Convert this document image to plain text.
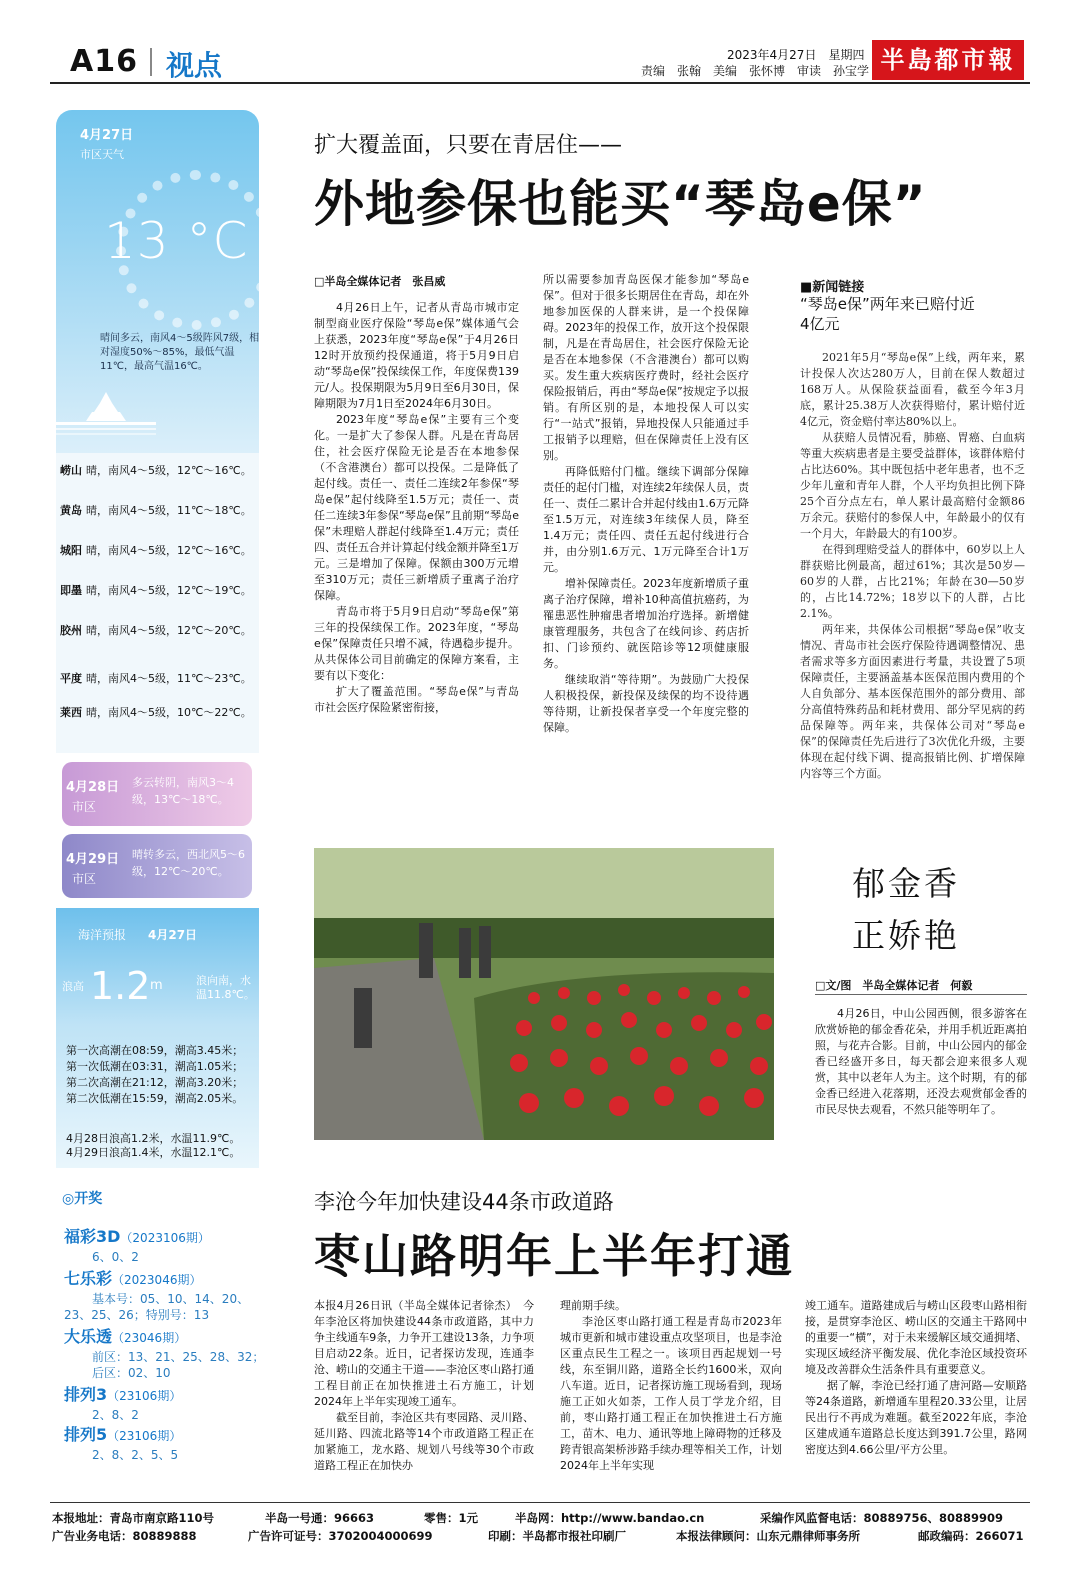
A16 视点	2023年4月27日　星期四
责编　张翰　美编　张怀博　审读　孙宝学 半島都市報
4月27日
市区天气
13 °C
晴间多云，南风4～5级阵风7级，相对湿度50%～85%，最低气温11℃，最高气温16℃。
崂山 晴，南风4～5级，12℃～16℃。
黄岛 晴，南风4～5级，11℃～18℃。
城阳 晴，南风4～5级，12℃～16℃。
即墨 晴，南风4～5级，12℃～19℃。
胶州 晴，南风4～5级，12℃～20℃。
平度 晴，南风4～5级，11℃～23℃。
莱西 晴，南风4～5级，10℃～22℃。
4月28日
市区
多云转阴，南风3～4级，13℃～18℃。
4月29日
市区
晴转多云，西北风5～6级，12℃～20℃。
海洋预报 4月27日
浪高 1.2 m	浪向南，水温11.8℃。
第一次高潮在08:59，潮高3.45米；
第一次低潮在03:31，潮高1.05米；
第二次高潮在21:12，潮高3.20米；
第二次低潮在15:59，潮高2.05米。
4月28日浪高1.2米，水温11.9℃。
4月29日浪高1.4米，水温12.1℃。
◎开奖
福彩3D（2023106期）
6、0、2
七乐彩（2023046期）
基本号：05、10、14、20、
23、25、26；特别号：13
大乐透（23046期）
前区：13、21、25、28、32；
后区：02、10
排列3（23106期）
2、8、2
排列5（23106期）
2、8、2、5、5
扩大覆盖面，只要在青居住——
外地参保也能买“琴岛e保”
□半岛全媒体记者　张昌威

4月26日上午，记者从青岛市城市定制型商业医疗保险“琴岛e保”媒体通气会上获悉，2023年度“琴岛e保”于4月26日12时开放预约投保通道，将于5月9日启动“琴岛e保”投保续保工作，年度保费139元/人。投保期限为5月9日至6月30日，保障期限为7月1日至2024年6月30日。

2023年度“琴岛e保”主要有三个变化。一是扩大了参保人群。凡是在青岛居住，社会医疗保险无论是否在本地参保（不含港澳台）都可以投保。二是降低了起付线。责任一、责任二连续2年参保“琴岛e保”起付线降至1.5万元；责任一、责任二连续3年参保“琴岛e保”且前期“琴岛e保”未理赔人群起付线降至1.4万元；责任四、责任五合并计算起付线金额并降至1万元。三是增加了保障。保额由300万元增至310万元；责任三新增质子重离子治疗保障。

青岛市将于5月9日启动“琴岛e保”第三年的投保续保工作。2023年度，“琴岛e保”保障责任只增不减，待遇稳步提升。从共保体公司目前确定的保障方案看，主要有以下变化：

扩大了覆盖范围。“琴岛e保”与青岛市社会医疗保险紧密衔接，

所以需要参加青岛医保才能参加“琴岛e保”。但对于很多长期居住在青岛，却在外地参加医保的人群来讲，是一个投保障碍。2023年的投保工作，放开这个投保限制，凡是在青岛居住，社会医疗保险无论是否在本地参保（不含港澳台）都可以购买。发生重大疾病医疗费时，经社会医疗保险报销后，再由“琴岛e保”按规定予以报销。有所区别的是，本地投保人可以实行“一站式”报销，异地投保人只能通过手工报销予以理赔，但在保障责任上没有区别。

再降低赔付门槛。继续下调部分保障责任的起付门槛，对连续2年续保人员，责任一、责任二累计合并起付线由1.6万元降至1.5万元，对连续3年续保人员，降至1.4万元；责任四、责任五起付线进行合并，由分别1.6万元、1万元降至合计1万元。

增补保障责任。2023年度新增质子重离子治疗保障，增补10种高值抗癌药，为罹患恶性肿瘤患者增加治疗选择。新增健康管理服务，共包含了在线问诊、药店折扣、门诊预约、就医陪诊等12项健康服务。

继续取消“等待期”。为鼓励广大投保人积极投保，新投保及续保的均不设待遇等待期，让新投保者享受一个年度完整的保障。

■新闻链接
“琴岛e保”两年来已赔付近4亿元

2021年5月“琴岛e保”上线，两年来，累计投保人次达280万人，目前在保人数超过168万人。从保险获益面看，截至今年3月底，累计25.38万人次获得赔付，累计赔付近4亿元，资金赔付率达80%以上。

从获赔人员情况看，肺癌、胃癌、白血病等重大疾病患者是主要受益群体，该群体赔付占比达60%。其中既包括中老年患者，也不乏少年儿童和青年人群，个人平均负担比例下降25个百分点左右，单人累计最高赔付金额86万余元。获赔付的参保人中，年龄最小的仅有一个月大，年龄最大的有100岁。

在得到理赔受益人的群体中，60岁以上人群获赔比例最高，超过61%；其次是50岁—60岁的人群，占比21%；年龄在30—50岁的，占比14.72%；18岁以下的人群，占比2.1%。

两年来，共保体公司根据“琴岛e保”收支情况、青岛市社会医疗保险待遇调整情况、患者需求等多方面因素进行考量，共设置了5项保障责任，主要涵盖基本医保范围内费用的个人自负部分、基本医保范围外的部分费用、部分高值特殊药品和耗材费用、部分罕见病的药品保障等。两年来，共保体公司对“琴岛e保”的保障责任先后进行了3次优化升级，主要体现在起付线下调、提高报销比例、扩增保障内容等三个方面。

郁金香
正娇艳
□文/图　半岛全媒体记者　何毅

4月26日，中山公园西侧，很多游客在欣赏娇艳的郁金香花朵，并用手机近距离拍照，与花卉合影。目前，中山公园内的郁金香已经盛开多日，每天都会迎来很多人观赏，其中以老年人为主。这个时期，有的郁金香已经进入花落期，还没去观赏郁金香的市民尽快去观看，不然只能等明年了。

李沧今年加快建设44条市政道路
枣山路明年上半年打通

本报4月26日讯（半岛全媒体记者徐杰）　今年李沧区将加快建设44条市政道路，其中力争主线通车9条，力争开工建设13条，力争项目启动22条。近日，记者探访发现，连通李沧、崂山的交通主干道——李沧区枣山路打通工程目前正在加快推进土石方施工，计划2024年上半年实现竣工通车。

截至目前，李沧区共有枣园路、灵川路、延川路、四流北路等14个市政道路工程正在加紧施工，龙水路、规划八号线等30个市政道路工程正在加快办

理前期手续。

李沧区枣山路打通工程是青岛市2023年城市更新和城市建设重点攻坚项目，也是李沧区重点民生工程之一。该项目西起规划一号线，东至铜川路，道路全长约1600米，双向八车道。近日，记者探访施工现场看到，现场施工正如火如荼，工作人员丁学龙介绍，目前，枣山路打通工程正在加快推进土石方施工，苗木、电力、通讯等地上障碍物的迁移及跨青银高架桥涉路手续办理等相关工作，计划2024年上半年实现

竣工通车。道路建成后与崂山区段枣山路相衔接，是贯穿李沧区、崂山区的交通主干路网中的重要一“横”，对于未来缓解区域交通拥堵、实现区域经济平衡发展、优化李沧区域投资环境及改善群众生活条件具有重要意义。

据了解，李沧已经打通了唐河路—安顺路等24条道路，新增通车里程20.33公里，让居民出行不再成为难题。截至2022年底，李沧区建成通车道路总长度达到391.7公里，路网密度达到4.66公里/平方公里。

本报地址：青岛市南京路110号	半岛一号通：96663	零售：1元	半岛网：http://www.bandao.cn	采编作风监督电话：80889756、80889909
广告业务电话：80889888	广告许可证号：3702004000699	印刷：半岛都市报社印刷厂	本报法律顾问：山东元鼎律师事务所	邮政编码：266071
